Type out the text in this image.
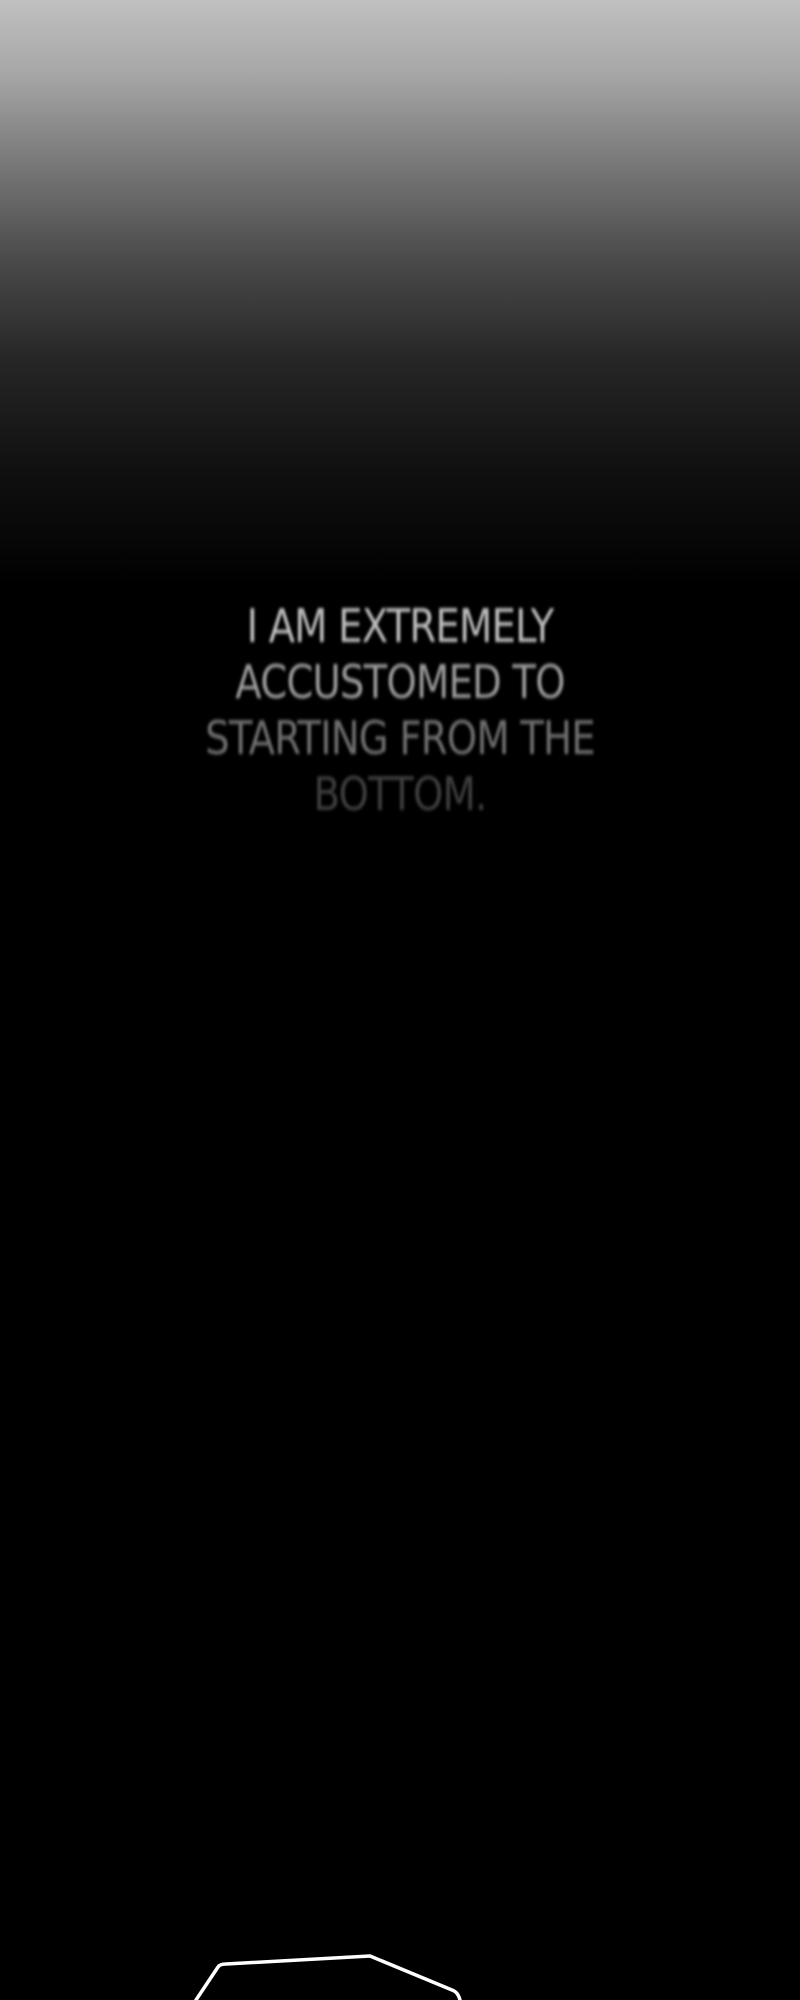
I AM EXTREMELY
ACCUSTOMED TO
STARTING FROM THE
BOTTOM.
